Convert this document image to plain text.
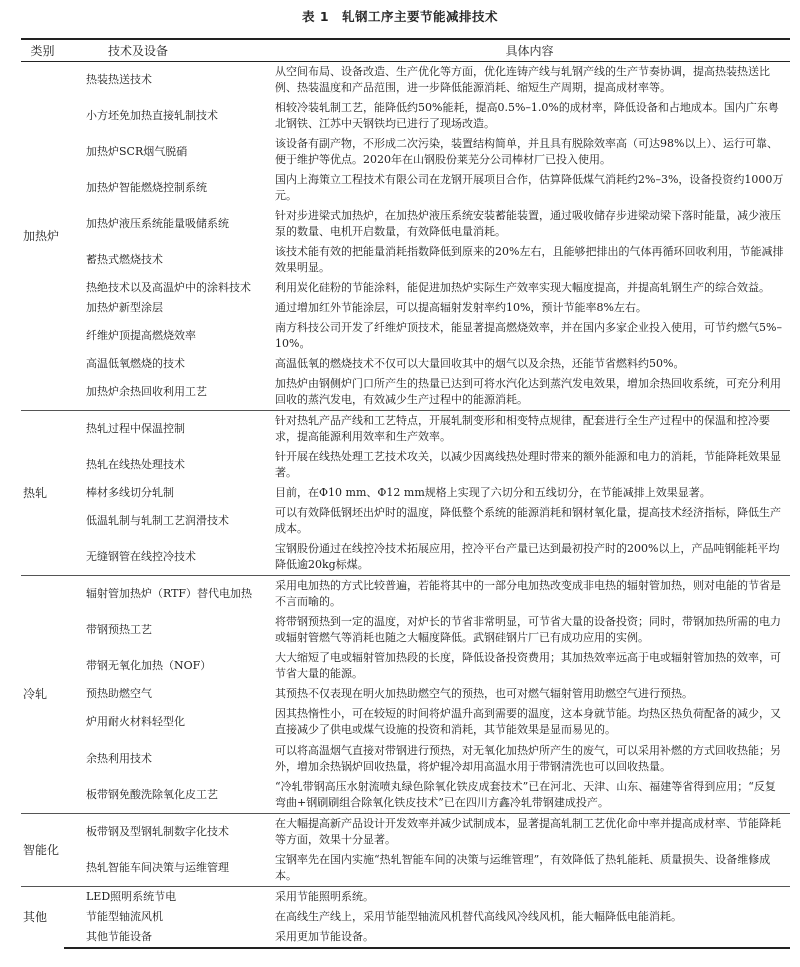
表 1　轧钢工序主要节能减排技术
类别	技术及设备	具体内容
加热炉	热装热送技术	从空间布局、设备改造、生产优化等方面，优化连铸产线与轧钢产线的生产节奏协调，提高热装热送比例、热装温度和产品范围，进一步降低能源消耗、缩短生产周期，提高成材率等。
	小方坯免加热直接轧制技术	相较冷装轧制工艺，能降低约50%能耗，提高0.5%–1.0%的成材率，降低设备和占地成本。国内广东粤北钢铁、江苏中天钢铁均已进行了现场改造。
	加热炉SCR烟气脱硝	该设备有副产物，不形成二次污染，装置结构简单，并且具有脱除效率高（可达98%以上）、运行可靠、便于维护等优点。2020年在山钢股份莱芜分公司棒材厂已投入使用。
	加热炉智能燃烧控制系统	国内上海策立工程技术有限公司在龙钢开展项目合作，估算降低煤气消耗约2%–3%，设备投资约1000万元。
	加热炉液压系统能量吸储系统	针对步进梁式加热炉，在加热炉液压系统安装蓄能装置，通过吸收储存步进梁动梁下落时能量，减少液压泵的数量、电机开启数量，有效降低电量消耗。
	蓄热式燃烧技术	该技术能有效的把能量消耗指数降低到原来的20%左右，且能够把排出的气体再循环回收利用，节能减排效果明显。
	热绝技术以及高温炉中的涂料技术	利用炭化硅粉的节能涂料，能促进加热炉实际生产效率实现大幅度提高，并提高轧钢生产的综合效益。
	加热炉新型涂层	通过增加红外节能涂层，可以提高辐射发射率约10%，预计节能率8%左右。
	纤维炉顶提高燃烧效率	南方科技公司开发了纤维炉顶技术，能显著提高燃烧效率，并在国内多家企业投入使用，可节约燃气5%–10%。
	高温低氧燃烧的技术	高温低氧的燃烧技术不仅可以大量回收其中的烟气以及余热，还能节省燃料约50%。
	加热炉余热回收利用工艺	加热炉由钢侧炉门口所产生的热量已达到可将水汽化达到蒸汽发电效果，增加余热回收系统，可充分利用回收的蒸汽发电，有效减少生产过程中的能源消耗。
热轧	热轧过程中保温控制	针对热轧产品产线和工艺特点，开展轧制变形和相变特点规律，配套进行全生产过程中的保温和控冷要求，提高能源利用效率和生产效率。
	热轧在线热处理技术	针开展在线热处理工艺技术攻关，以减少因离线热处理时带来的额外能源和电力的消耗，节能降耗效果显著。
	棒材多线切分轧制	目前，在Φ10 mm、Φ12 mm规格上实现了六切分和五线切分，在节能减排上效果显著。
	低温轧制与轧制工艺润滑技术	可以有效降低钢坯出炉时的温度，降低整个系统的能源消耗和钢材氧化量，提高技术经济指标，降低生产成本。
	无缝钢管在线控冷技术	宝钢股份通过在线控冷技术拓展应用，控冷平台产量已达到最初投产时的200%以上，产品吨钢能耗平均降低逾20kg标煤。
冷轧	辐射管加热炉（RTF）替代电加热	采用电加热的方式比较普遍，若能将其中的一部分电加热改变成非电热的辐射管加热，则对电能的节省是不言而喻的。
	带钢预热工艺	将带钢预热到一定的温度，对炉长的节省非常明显，可节省大量的设备投资；同时，带钢加热所需的电力或辐射管燃气等消耗也随之大幅度降低。武钢硅钢片厂已有成功应用的实例。
	带钢无氧化加热（NOF）	大大缩短了电或辐射管加热段的长度，降低设备投资费用；其加热效率远高于电或辐射管加热的效率，可节省大量的能源。
	预热助燃空气	其预热不仅表现在明火加热助燃空气的预热，也可对燃气辐射管用助燃空气进行预热。
	炉用耐火材料轻型化	因其热惰性小，可在较短的时间将炉温升高到需要的温度，这本身就节能。均热区热负荷配备的减少，又直接减少了供电或煤气设施的投资和消耗，其节能效果是显而易见的。
	余热利用技术	可以将高温烟气直接对带钢进行预热，对无氧化加热炉所产生的废气，可以采用补燃的方式回收热能；另外，增加余热锅炉回收热量，将炉辊冷却用高温水用于带钢清洗也可以回收热量。
	板带钢免酸洗除氧化皮工艺	“冷轧带钢高压水射流喷丸绿色除氧化铁皮成套技术”已在河北、天津、山东、福建等省得到应用；“反复弯曲+钢刷刷组合除氧化铁皮技术”已在四川方鑫冷轧带钢建成投产。
智能化	板带钢及型钢轧制数字化技术	在大幅提高新产品设计开发效率并减少试制成本，显著提高轧制工艺优化命中率并提高成材率、节能降耗等方面，效果十分显著。
	热轧智能车间决策与运维管理	宝钢率先在国内实施“热轧智能车间的决策与运维管理”，有效降低了热轧能耗、质量损失、设备维修成本。
其他	LED照明系统节电	采用节能照明系统。
	节能型轴流风机	在高线生产线上，采用节能型轴流风机替代高线风冷线风机，能大幅降低电能消耗。
	其他节能设备	采用更加节能设备。
